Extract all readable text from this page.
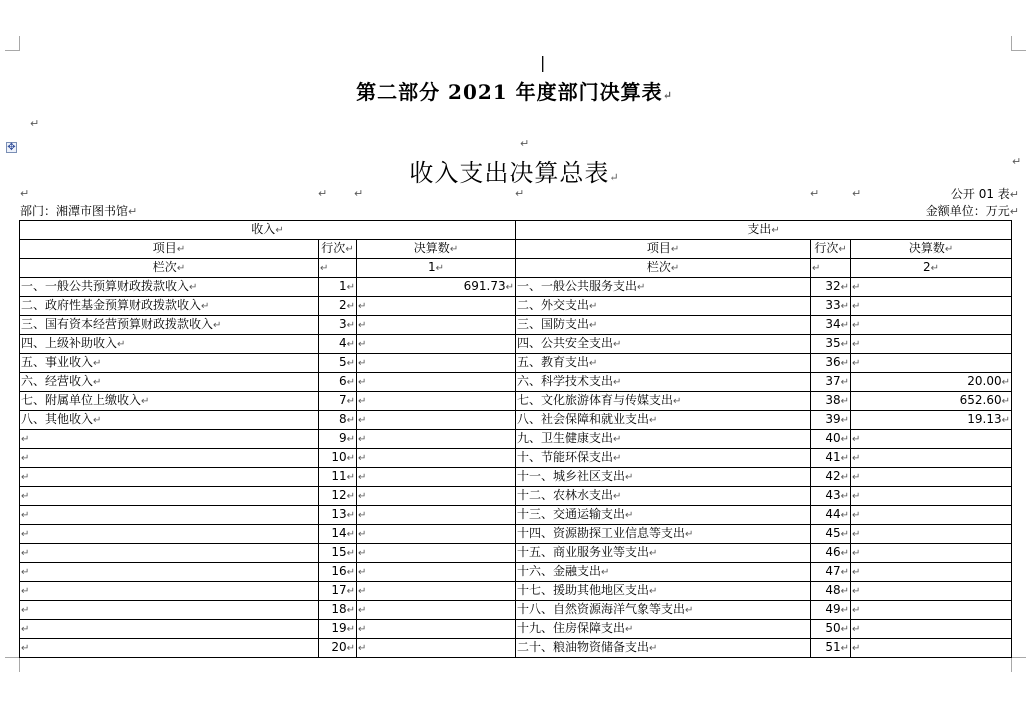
|
✥
↵
↵
↵
↵	↵ ↵	↵	↵	↵
第二部分 2021 年度部门决算表↵
收入支出决算总表↵
公开 01 表↵
部门：湘潭市图书馆↵	金额单位：万元↵
收入↵			支出↵		
项目↵	行次↵	决算数↵	项目↵	行次↵	决算数↵
栏次↵	↵	1↵	栏次↵	↵	2↵
一、一般公共预算财政拨款收入↵	1↵	691.73↵	一、一般公共服务支出↵	32↵	↵
二、政府性基金预算财政拨款收入↵	2↵	↵	二、外交支出↵	33↵	↵
三、国有资本经营预算财政拨款收入↵	3↵	↵	三、国防支出↵	34↵	↵
四、上级补助收入↵	4↵	↵	四、公共安全支出↵	35↵	↵
五、事业收入↵	5↵	↵	五、教育支出↵	36↵	↵
六、经营收入↵	6↵	↵	六、科学技术支出↵	37↵	20.00↵
七、附属单位上缴收入↵	7↵	↵	七、文化旅游体育与传媒支出↵	38↵	652.60↵
八、其他收入↵	8↵	↵	八、社会保障和就业支出↵	39↵	19.13↵
↵	9↵	↵	九、卫生健康支出↵	40↵	↵
↵	10↵	↵	十、节能环保支出↵	41↵	↵
↵	11↵	↵	十一、城乡社区支出↵	42↵	↵
↵	12↵	↵	十二、农林水支出↵	43↵	↵
↵	13↵	↵	十三、交通运输支出↵	44↵	↵
↵	14↵	↵	十四、资源勘探工业信息等支出↵	45↵	↵
↵	15↵	↵	十五、商业服务业等支出↵	46↵	↵
↵	16↵	↵	十六、金融支出↵	47↵	↵
↵	17↵	↵	十七、援助其他地区支出↵	48↵	↵
↵	18↵	↵	十八、自然资源海洋气象等支出↵	49↵	↵
↵	19↵	↵	十九、住房保障支出↵	50↵	↵
↵	20↵	↵	二十、粮油物资储备支出↵	51↵	↵
